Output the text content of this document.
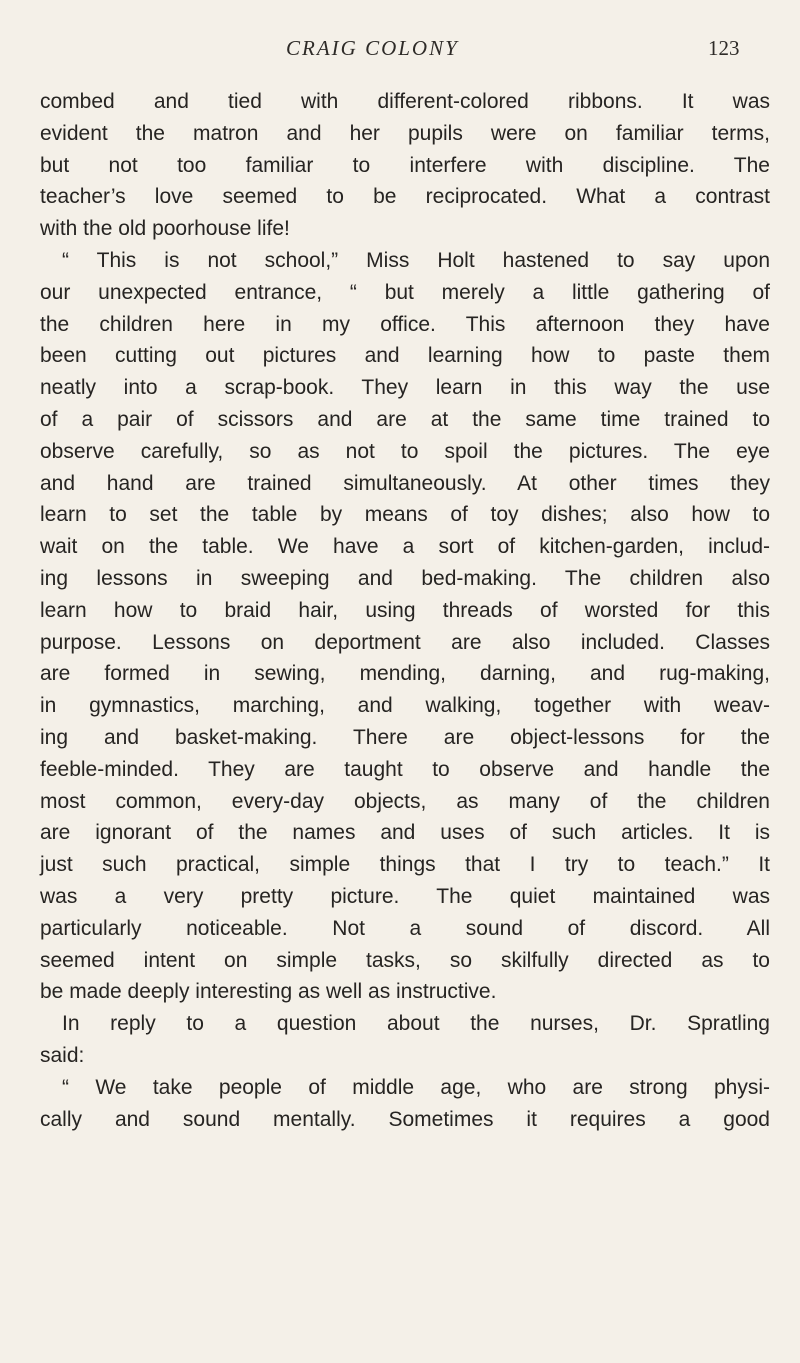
CRAIG COLONY	123
combed and tied with different-colored ribbons. It was
evident the matron and her pupils were on familiar terms,
but not too familiar to interfere with discipline. The
teacher’s love seemed to be reciprocated. What a contrast
with the old poorhouse life!
“ This is not school,” Miss Holt hastened to say upon
our unexpected entrance, “ but merely a little gathering of
the children here in my office. This afternoon they have
been cutting out pictures and learning how to paste them
neatly into a scrap-book. They learn in this way the use
of a pair of scissors and are at the same time trained to
observe carefully, so as not to spoil the pictures. The eye
and hand are trained simultaneously. At other times they
learn to set the table by means of toy dishes; also how to
wait on the table. We have a sort of kitchen-garden, includ-
ing lessons in sweeping and bed-making. The children also
learn how to braid hair, using threads of worsted for this
purpose. Lessons on deportment are also included. Classes
are formed in sewing, mending, darning, and rug-making,
in gymnastics, marching, and walking, together with weav-
ing and basket-making. There are object-lessons for the
feeble-minded. They are taught to observe and handle the
most common, every-day objects, as many of the children
are ignorant of the names and uses of such articles. It is
just such practical, simple things that I try to teach.” It
was a very pretty picture. The quiet maintained was
particularly noticeable. Not a sound of discord. All
seemed intent on simple tasks, so skilfully directed as to
be made deeply interesting as well as instructive.
In reply to a question about the nurses, Dr. Spratling
said:
“ We take people of middle age, who are strong physi-
cally and sound mentally. Sometimes it requires a good
